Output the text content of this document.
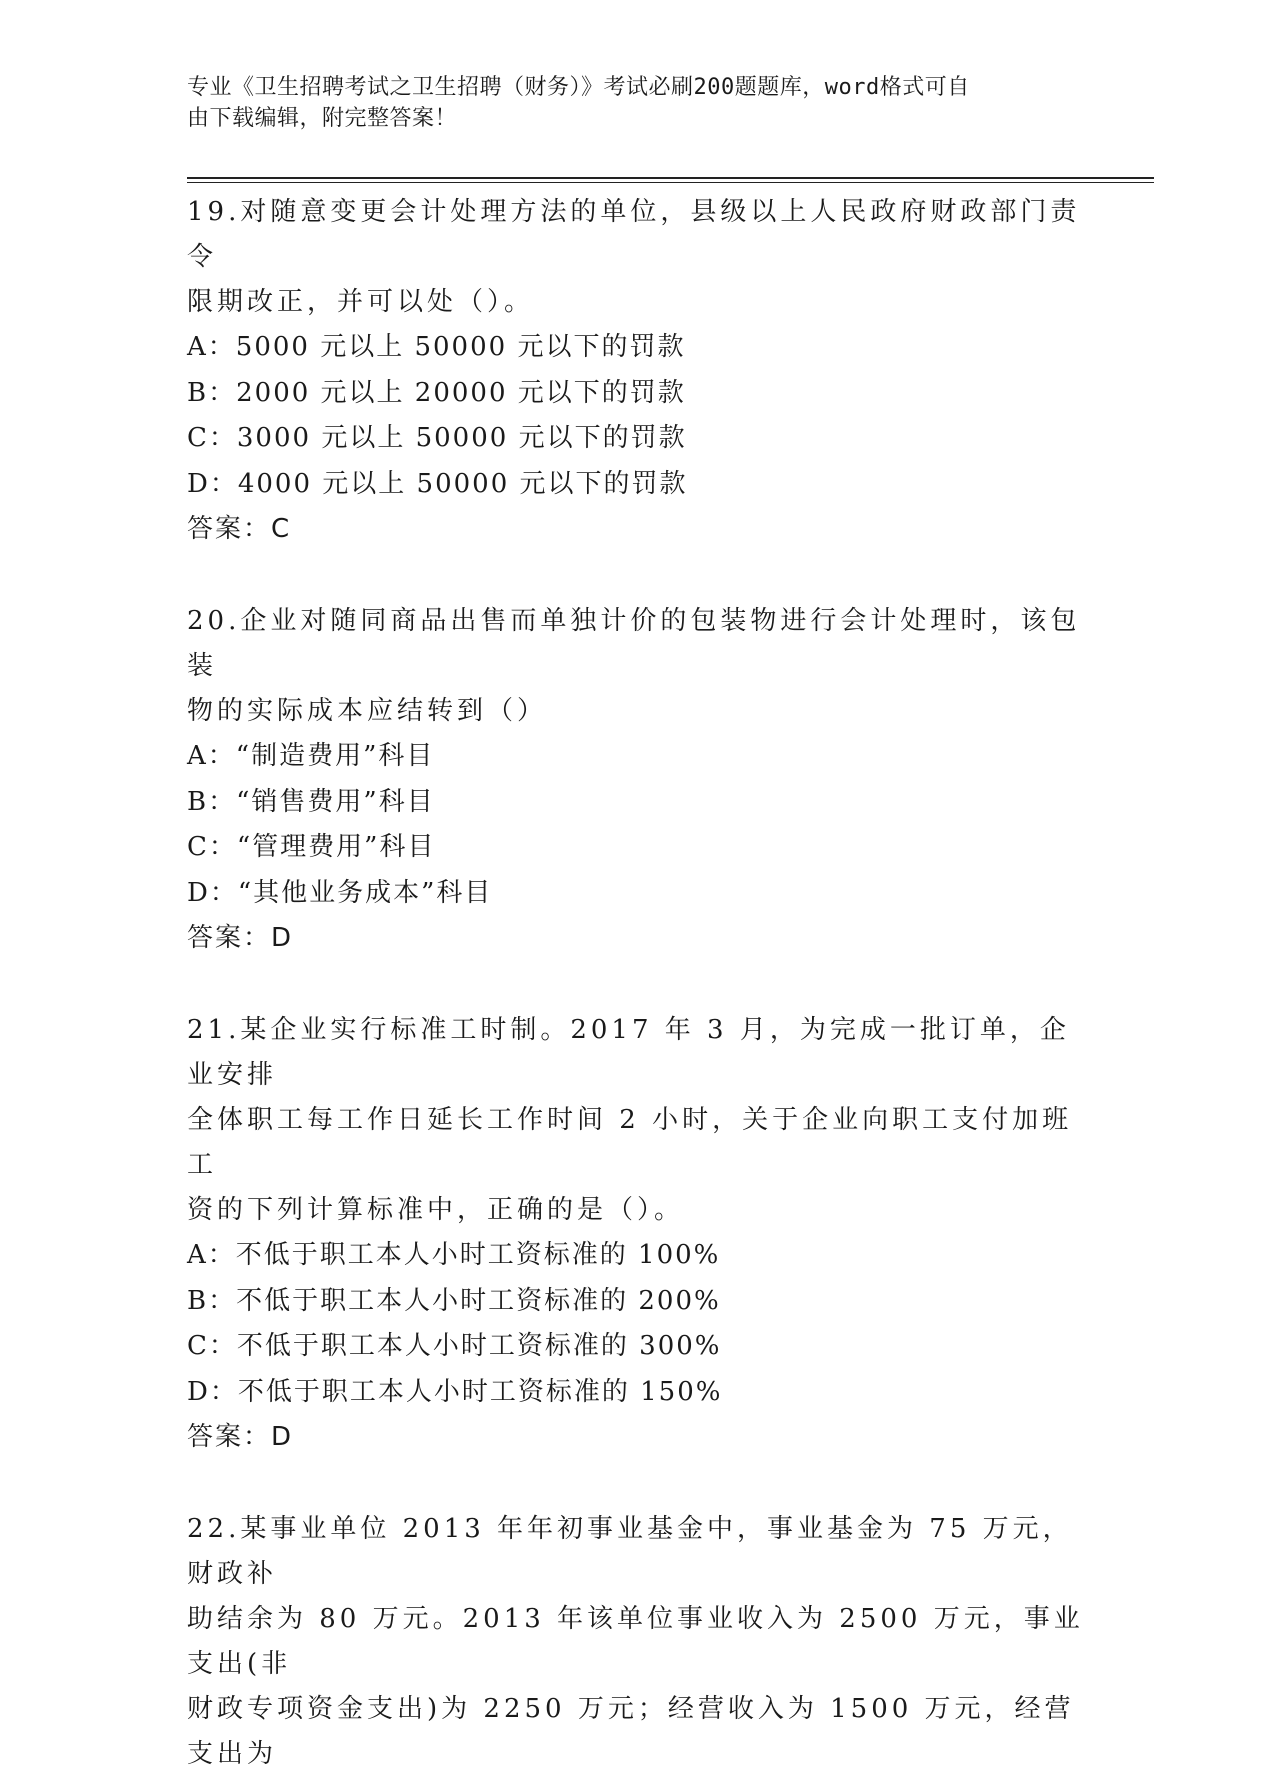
专业《卫生招聘考试之卫生招聘（财务）》考试必刷200题题库，word格式可自
由下载编辑，附完整答案！

19.对随意变更会计处理方法的单位，县级以上人民政府财政部门责令

限期改正，并可以处（）。

A：5000 元以上 50000 元以下的罚款

B：2000 元以上 20000 元以下的罚款

C：3000 元以上 50000 元以下的罚款

D：4000 元以上 50000 元以下的罚款

答案：C

20.企业对随同商品出售而单独计价的包装物进行会计处理时，该包装

物的实际成本应结转到（）

A：“制造费用”科目

B：“销售费用”科目

C：“管理费用”科目

D：“其他业务成本”科目

答案：D

21.某企业实行标准工时制。2017 年 3 月，为完成一批订单，企业安排

全体职工每工作日延长工作时间 2 小时，关于企业向职工支付加班工

资的下列计算标准中，正确的是（）。

A：不低于职工本人小时工资标准的 100%

B：不低于职工本人小时工资标准的 200%

C：不低于职工本人小时工资标准的 300%

D：不低于职工本人小时工资标准的 150%

答案：D

22.某事业单位 2013 年年初事业基金中，事业基金为 75 万元，财政补

助结余为 80 万元。2013 年该单位事业收入为 2500 万元，事业支出(非

财政专项资金支出)为 2250 万元；经营收入为 1500 万元，经营支出为
